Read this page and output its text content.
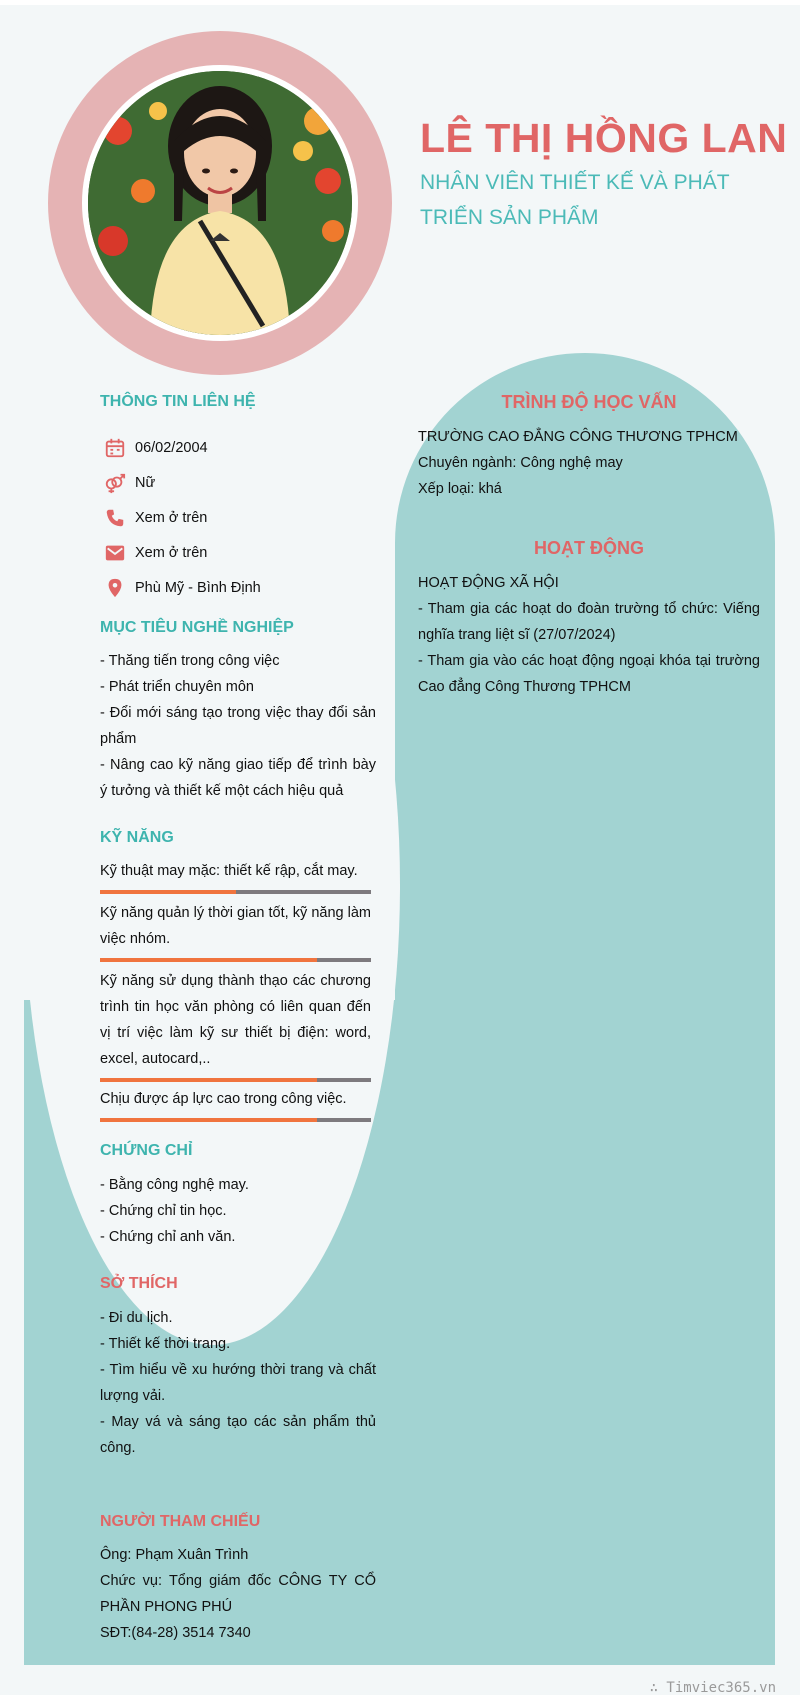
LÊ THỊ HỒNG LAN

NHÂN VIÊN THIẾT KẾ VÀ PHÁT TRIỂN SẢN PHẨM

THÔNG TIN LIÊN HỆ
06/02/2004
Nữ
Xem ở trên
Xem ở trên
Phù Mỹ - Bình Định
MỤC TIÊU NGHỀ NGHIỆP

- Thăng tiến trong công việc

- Phát triển chuyên môn

- Đổi mới sáng tạo trong việc thay đổi sản phẩm

- Nâng cao kỹ năng giao tiếp để trình bày ý tưởng và thiết kế một cách hiệu quả

KỸ NĂNG

Kỹ thuật may mặc: thiết kế rập, cắt may.

Kỹ năng quản lý thời gian tốt, kỹ năng làm việc nhóm.

Kỹ năng sử dụng thành thạo các chương trình tin học văn phòng có liên quan đến vị trí việc làm kỹ sư thiết bị điện: word, excel, autocard,..

Chịu được áp lực cao trong công việc.

CHỨNG CHỈ

- Bằng công nghệ may.

- Chứng chỉ tin học.

- Chứng chỉ anh văn.

SỞ THÍCH

- Đi du lịch.

- Thiết kế thời trang.

- Tìm hiểu về xu hướng thời trang và chất lượng vải.

- May vá và sáng tạo các sản phẩm thủ công.

NGƯỜI THAM CHIẾU

Ông: Phạm Xuân Trình

Chức vụ: Tổng giám đốc CÔNG TY CỔ PHẦN PHONG PHÚ

SĐT:(84-28) 3514 7340

TRÌNH ĐỘ HỌC VẤN

TRƯỜNG CAO ĐẲNG CÔNG THƯƠNG TPHCM

Chuyên ngành: Công nghệ may

Xếp loại: khá

HOẠT ĐỘNG

HOẠT ĐỘNG XÃ HỘI

- Tham gia các hoạt do đoàn trường tổ chức: Viếng nghĩa trang liệt sĩ (27/07/2024)

- Tham gia vào các hoạt động ngoại khóa tại trường Cao đẳng Công Thương TPHCM

∴ Timviec365.vn
